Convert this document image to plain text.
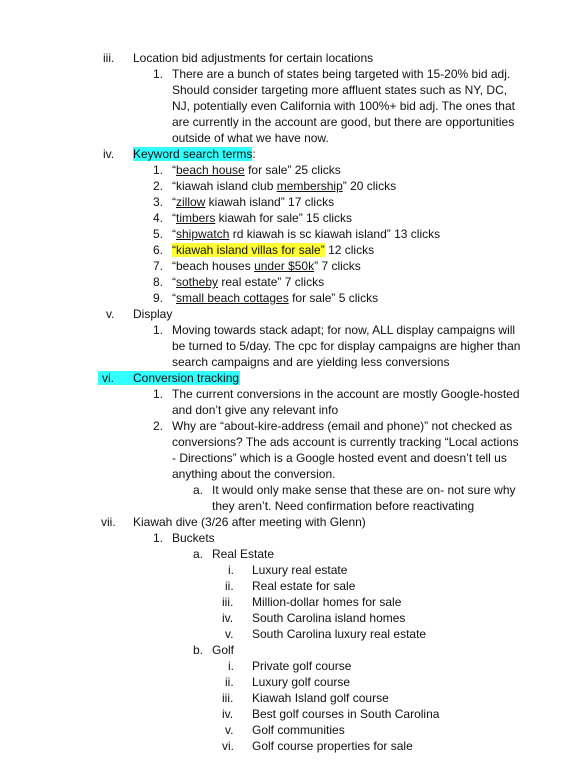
iii. Location bid adjustments for certain locations
1. There are a bunch of states being targeted with 15-20% bid adj.
Should consider targeting more affluent states such as NY, DC,
NJ, potentially even California with 100%+ bid adj. The ones that
are currently in the account are good, but there are opportunities
outside of what we have now.
iv. Keyword search terms:
1. “beach house for sale” 25 clicks
2. “kiawah island club membership” 20 clicks
3. “zillow kiawah island” 17 clicks
4. “timbers kiawah for sale” 15 clicks
5. “shipwatch rd kiawah is sc kiawah island” 13 clicks
6. “kiawah island villas for sale” 12 clicks
7. “beach houses under $50k” 7 clicks
8. “sotheby real estate” 7 clicks
9. “small beach cottages for sale” 5 clicks
v. Display
1. Moving towards stack adapt; for now, ALL display campaigns will
be turned to 5/day. The cpc for display campaigns are higher than
search campaigns and are yielding less conversions
vi. Conversion tracking
1. The current conversions in the account are mostly Google-hosted
and don’t give any relevant info
2. Why are “about-kire-address (email and phone)” not checked as
conversions? The ads account is currently tracking “Local actions
- Directions” which is a Google hosted event and doesn’t tell us
anything about the conversion.
a. It would only make sense that these are on- not sure why
they aren’t. Need confirmation before reactivating
vii. Kiawah dive (3/26 after meeting with Glenn)
1. Buckets
a. Real Estate
i. Luxury real estate
ii. Real estate for sale
iii. Million-dollar homes for sale
iv. South Carolina island homes
v. South Carolina luxury real estate
b. Golf
i. Private golf course
ii. Luxury golf course
iii. Kiawah Island golf course
iv. Best golf courses in South Carolina
v. Golf communities
vi. Golf course properties for sale
